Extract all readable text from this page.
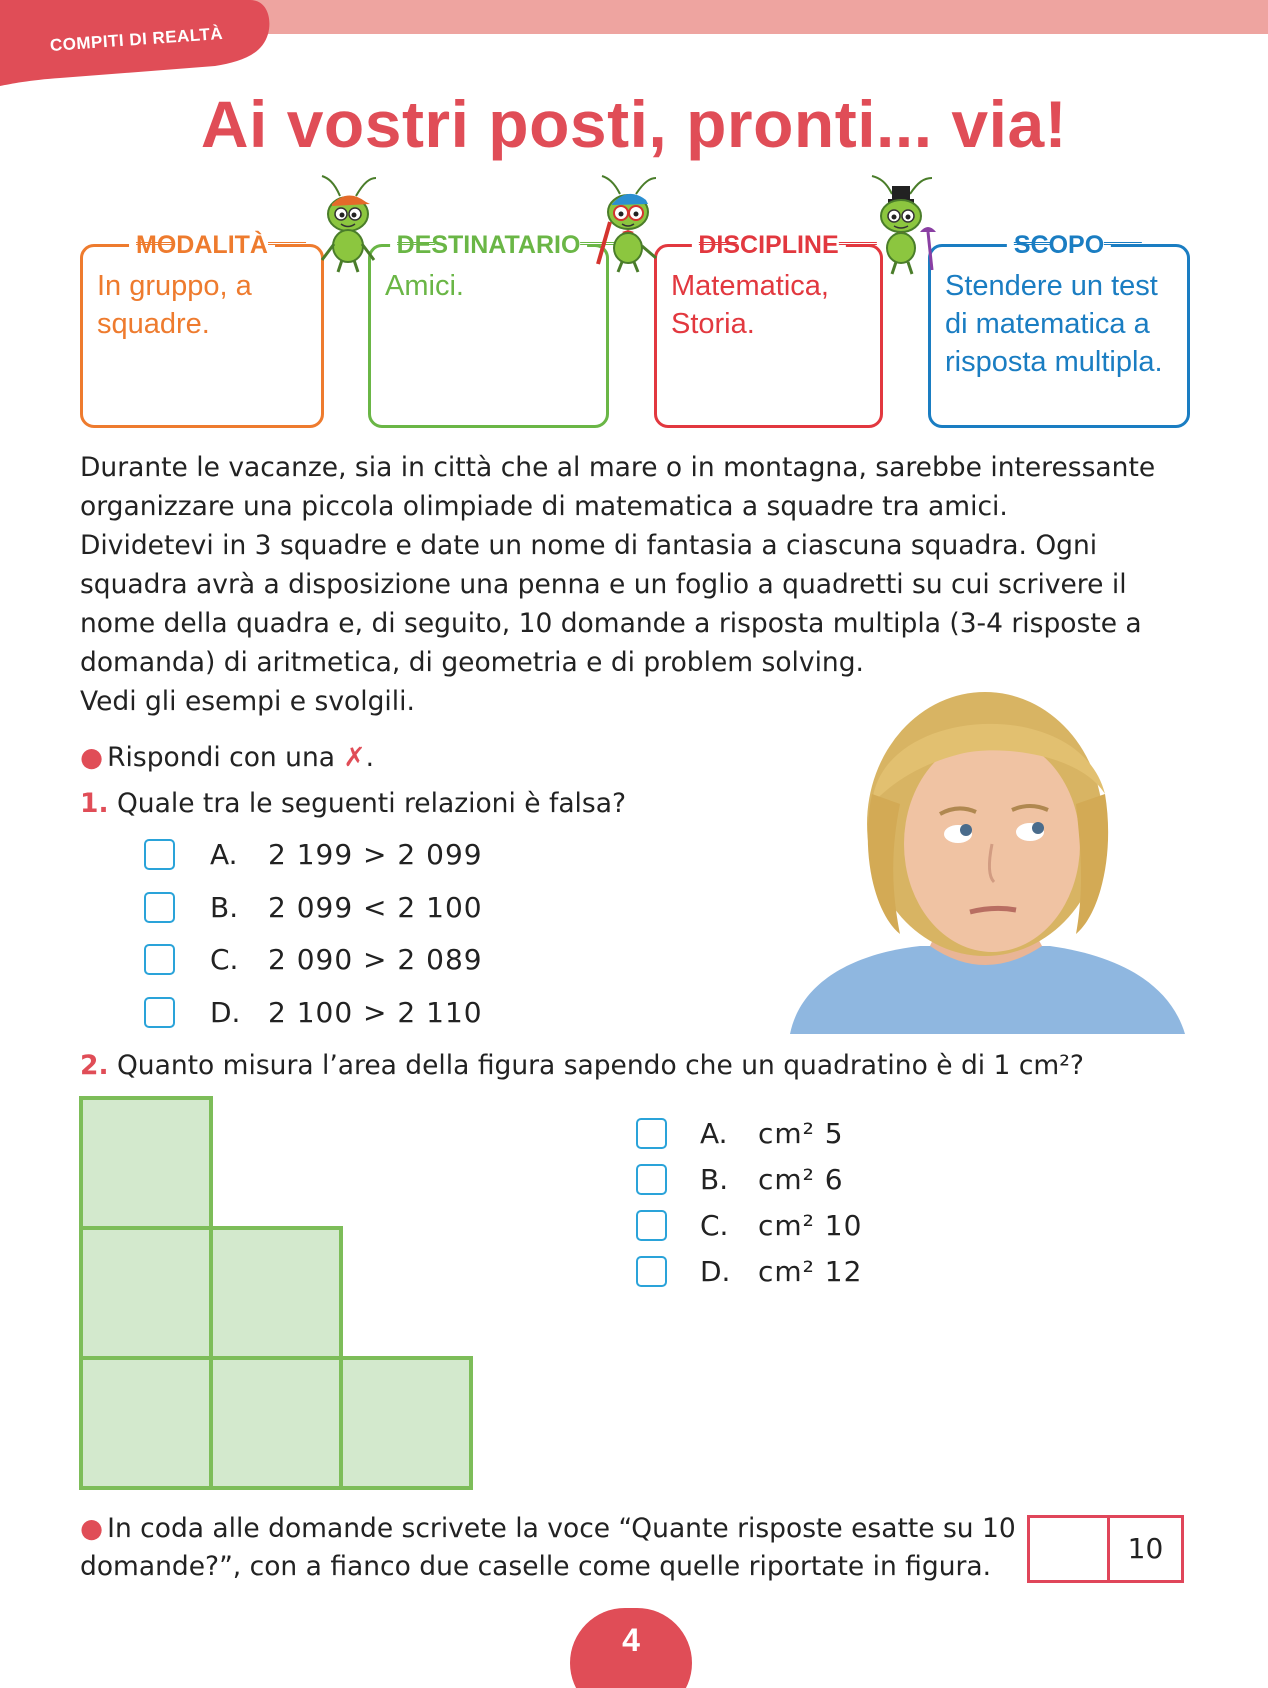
COMPITI DI REALTÀ
Ai vostri posti, pronti... via!
MODALITÀ
In gruppo, a squadre.
DESTINATARIO
Amici.
DISCIPLINE
Matematica, Storia.
SCOPO
Stendere un test di matematica a risposta multipla.

Durante le vacanze, sia in città che al mare o in montagna, sarebbe interessante organizzare una piccola olimpiade di matematica a squadre tra amici.

Dividetevi in 3 squadre e date un nome di fantasia a ciascuna squadra. Ogni squadra avrà a disposizione una penna e un foglio a quadretti su cui scrivere il nome della quadra e, di seguito, 10 domande a risposta multipla (3-4 risposte a domanda) di aritmetica, di geometria e di problem solving.

Vedi gli esempi e svolgili.

● Rispondi con una ✗.
1. Quale tra le seguenti relazioni è falsa?
A. 2 199 > 2 099
B. 2 099 < 2 100
C. 2 090 > 2 089
D. 2 100 > 2 110
2. Quanto misura l’area della figura sapendo che un quadratino è di 1 cm²?
A. cm² 5
B. cm² 6
C. cm² 10
D. cm² 12
● In coda alle domande scrivete la voce “Quante risposte esatte su 10 domande?”, con a fianco due caselle come quelle riportate in figura.
10
4
